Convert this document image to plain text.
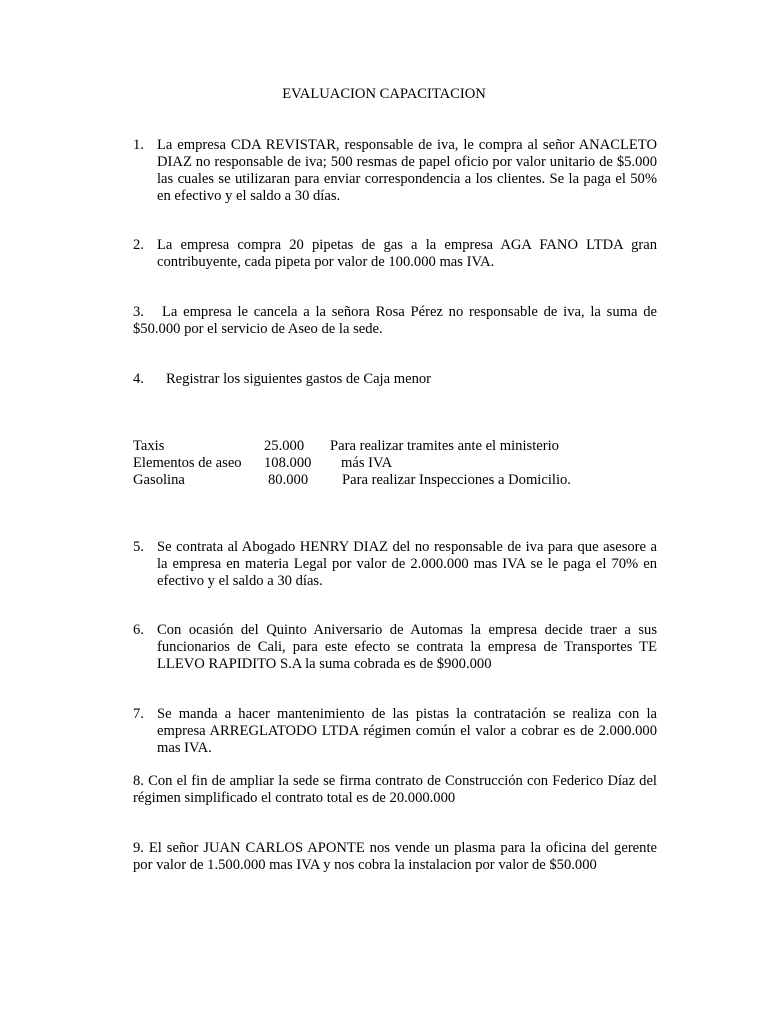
EVALUACION CAPACITACION
1. La empresa CDA REVISTAR, responsable de iva, le compra al señor ANACLETO DIAZ no responsable de iva; 500 resmas de papel oficio por valor unitario de $5.000 las cuales se utilizaran para enviar correspondencia a los clientes. Se la paga el 50% en efectivo y el saldo a 30 días.
2. La empresa compra 20 pipetas de gas a la empresa AGA FANO LTDA gran contribuyente, cada pipeta por valor de 100.000 mas IVA.
3. La empresa le cancela a la señora Rosa Pérez no responsable de iva, la suma de $50.000 por el servicio de Aseo de la sede.
4. Registrar los siguientes gastos de Caja menor
Taxis	25.000 Para realizar tramites ante el ministerio
Elementos de aseo 108.000 más IVA
Gasolina	80.000 Para realizar Inspecciones a Domicilio.
5. Se contrata al Abogado HENRY DIAZ del no responsable de iva para que asesore a la empresa en materia Legal por valor de 2.000.000 mas IVA se le paga el 70% en efectivo y el saldo a 30 días.
6. Con ocasión del Quinto Aniversario de Automas la empresa decide traer a sus funcionarios de Cali, para este efecto se contrata la empresa de Transportes TE LLEVO RAPIDITO S.A la suma cobrada es de $900.000
7. Se manda a hacer mantenimiento de las pistas la contratación se realiza con la empresa ARREGLATODO LTDA régimen común el valor a cobrar es de 2.000.000 mas IVA.
8. Con el fin de ampliar la sede se firma contrato de Construcción con Federico Díaz del régimen simplificado el contrato total es de 20.000.000
9. El señor JUAN CARLOS APONTE nos vende un plasma para la oficina del gerente por valor de 1.500.000 mas IVA y nos cobra la instalacion por valor de $50.000
